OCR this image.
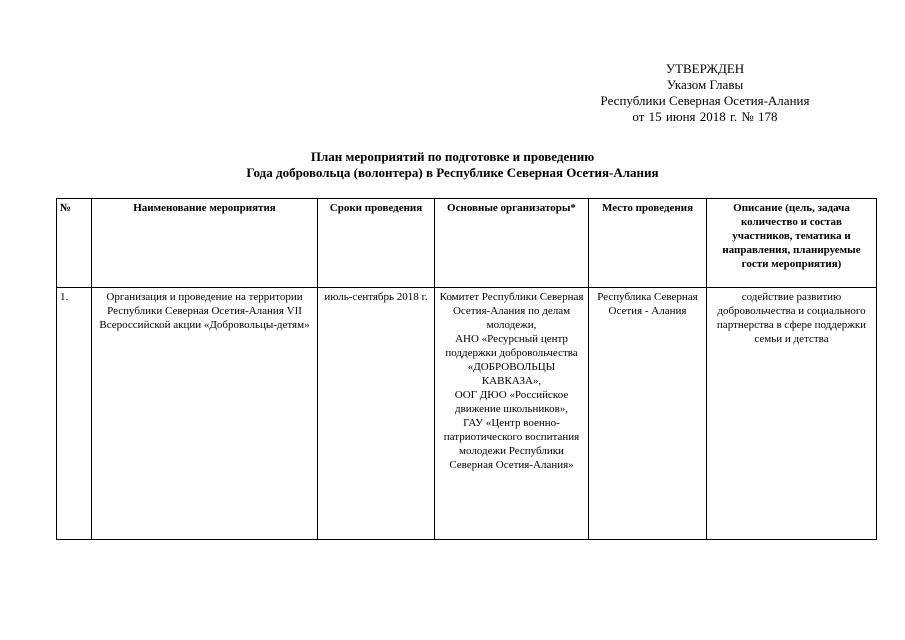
УТВЕРЖДЕН
Указом Главы
Республики Северная Осетия-Алания
от 15 июня 2018 г. № 178
План мероприятий по подготовке и проведению
Года добровольца (волонтера) в Республике Северная Осетия-Алания
№	Наименование мероприятия	Сроки проведения	Основные организаторы*	Место проведения	Описание (цель, задача количество и состав участников, тематика и направления, планируемые гости мероприятия)
1.	Организация и проведение на территории Республики Северная Осетия-Алания VII Всероссийской акции «Добровольцы-детям»	июль-сентябрь 2018 г.	Комитет Республики Северная Осетия-Алания по делам молодежи,
АНО «Ресурсный центр поддержки добровольчества «ДОБРОВОЛЬЦЫ КАВКАЗА»,
ООГ ДЮО «Российское движение школьников»,
ГАУ «Центр военно-патриотического воспитания молодежи Республики Северная Осетия-Алания»	Республика Северная Осетия - Алания	содействие развитию добровольчества и социального партнерства в сфере поддержки семьи и детства
